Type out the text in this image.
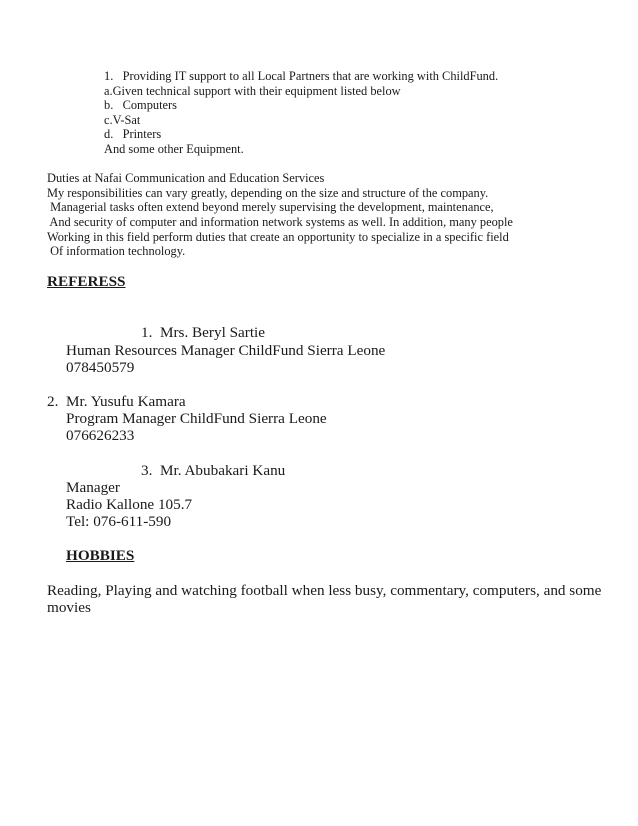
1. Providing IT support to all Local Partners that are working with ChildFund.
a.Given technical support with their equipment listed below
b. Computers
c.V-Sat
d. Printers
And some other Equipment.
Duties at Nafai Communication and Education Services
My responsibilities can vary greatly, depending on the size and structure of the company.
Managerial tasks often extend beyond merely supervising the development, maintenance,
And security of computer and information network systems as well. In addition, many people
Working in this field perform duties that create an opportunity to specialize in a specific field
Of information technology.
REFERESS
1. Mrs. Beryl Sartie
Human Resources Manager ChildFund Sierra Leone
078450579
2. Mr. Yusufu Kamara
Program Manager ChildFund Sierra Leone
076626233
3. Mr. Abubakari Kanu
Manager
Radio Kallone 105.7
Tel: 076-611-590
HOBBIES
Reading, Playing and watching football when less busy, commentary, computers, and some
movies
